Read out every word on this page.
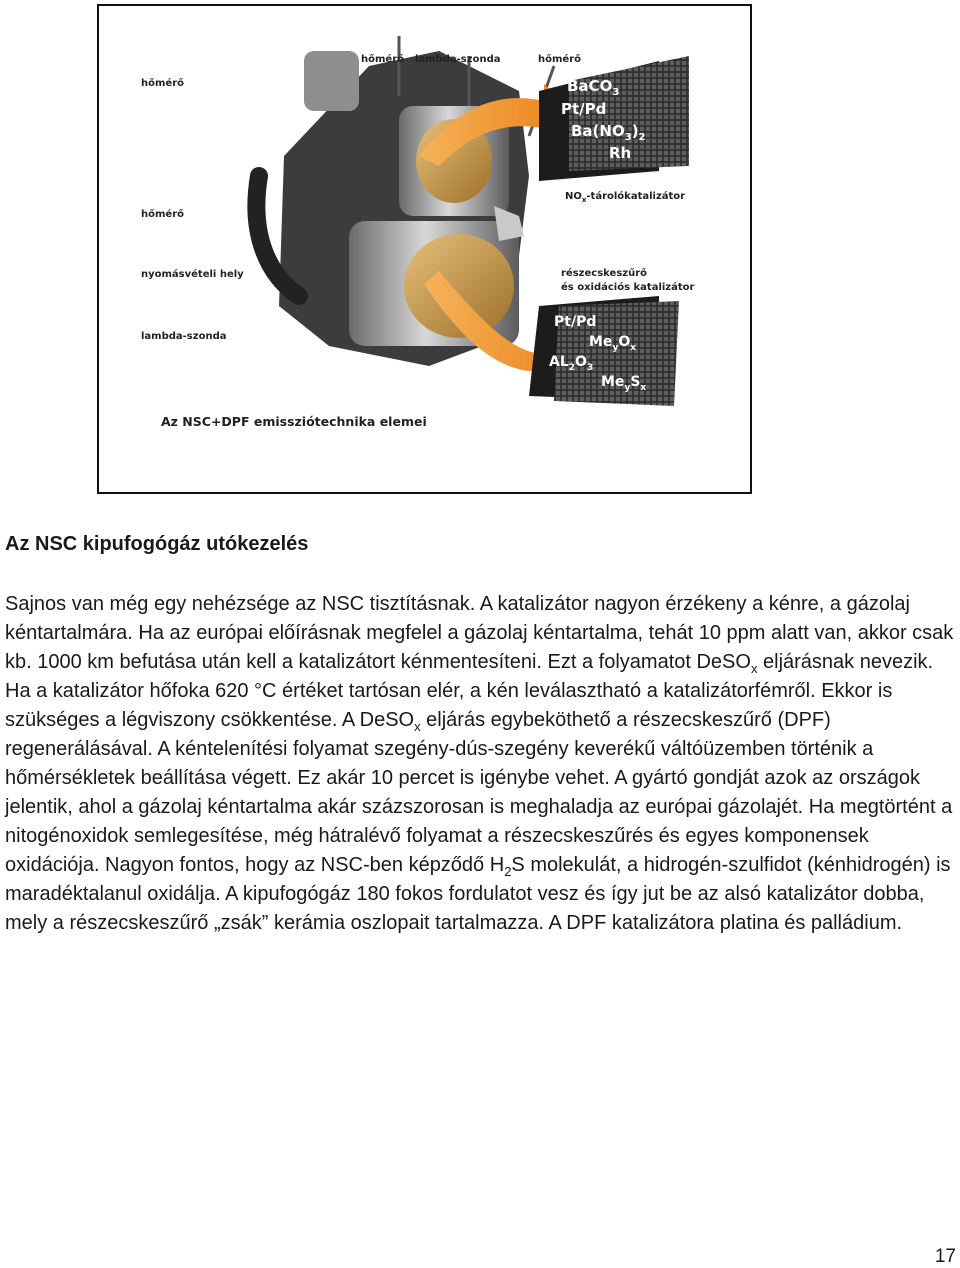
BaCO$_3$
Pt/Pd
$Ba(NO_3)_2$
Rh
Pt/Pd
$Me_yO_x$
$AL_2O_3$
$Me_yS_x$
hőmérő lambda-szonda	hőmérő
hőmérő
hőmérő
nyomásvételi hely
lambda-szonda
$NO_x$-tárolókatalizátor
részecskeszűrő
és oxidációs katalizátor
Az NSC+DPF emissziótechnika elemei
Az NSC kipufogógáz utókezelés

Sajnos van még egy nehézsége az NSC tisztításnak. A katalizátor nagyon érzékeny a kénre, a gázolaj kéntartalmára. Ha az európai előírásnak megfelel a gázolaj kéntartalma, tehát 10 ppm alatt van, akkor csak kb. 1000 km befutása után kell a katalizátort kénmentesíteni. Ezt a folyamatot DeSO$_x$ eljárásnak nevezik. Ha a katalizátor hőfoka 620 °C értéket tartósan elér, a kén leválasztható a katalizátorfémről. Ekkor is szükséges a légviszony csökkentése. A DeSO$_x$ eljárás egybeköthető a részecskeszűrő (DPF) regenerálásával. A kéntelenítési folyamat szegény-dús-szegény keverékű váltóüzemben történik a hőmérsékletek beállítása végett. Ez akár 10 percet is igénybe vehet. A gyártó gondját azok az országok jelentik, ahol a gázolaj kéntartalma akár százszorosan is meghaladja az európai gázolajét. Ha megtörtént a nitogénoxidok semlegesítése, még hátralévő folyamat a részecskeszűrés és egyes komponensek oxidációja. Nagyon fontos, hogy az NSC-ben képződő $H_2S$ molekulát, a hidrogén-szulfidot (kénhidrogén) is maradéktalanul oxidálja. A kipufogógáz 180 fokos fordulatot vesz és így jut be az alsó katalizátor dobba, mely a részecskeszűrő „zsák” kerámia oszlopait tartalmazza. A DPF katalizátora platina és palládium.

17
